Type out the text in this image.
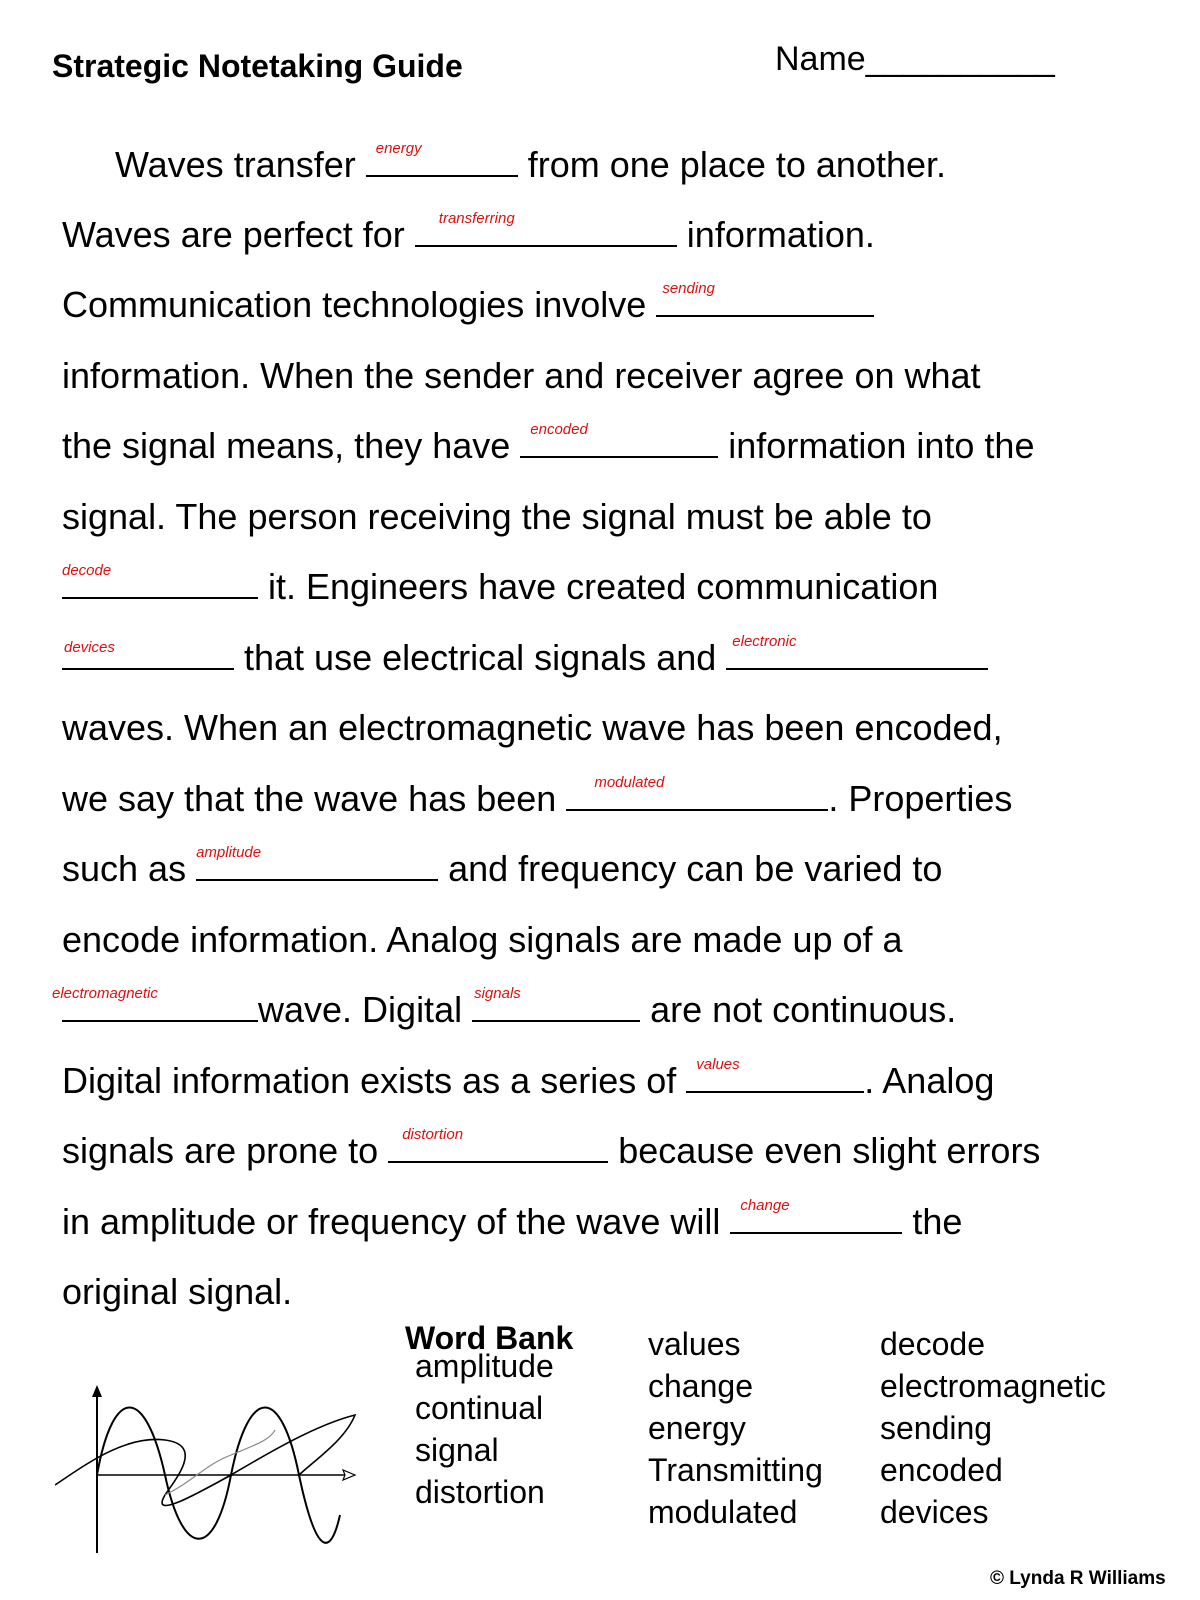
Strategic Notetaking Guide	Name__________
Waves transfer energy	from one place to another.
Waves are perfect for transferring	information.
Communication technologies involve sending
information. When the sender and receiver agree on what
the signal means, they have encoded	information into the
signal. The person receiving the signal must be able to
decode	it. Engineers have created communication
devices	that use electrical signals and electronic
waves. When an electromagnetic wave has been encoded,
we say that the wave has been modulated	. Properties
such as amplitude	and frequency can be varied to
encode information. Analog signals are made up of a
electromagnetic	wave. Digital signals	are not continuous.
Digital information exists as a series of values	. Analog
signals are prone to distortion	because even slight errors
in amplitude or frequency of the wave will change	the
original signal.
Word Bank
amplitude
continual
signal
distortion
values
change
energy
Transmitting
modulated
decode
electromagnetic
sending
encoded
devices
© Lynda R Williams
